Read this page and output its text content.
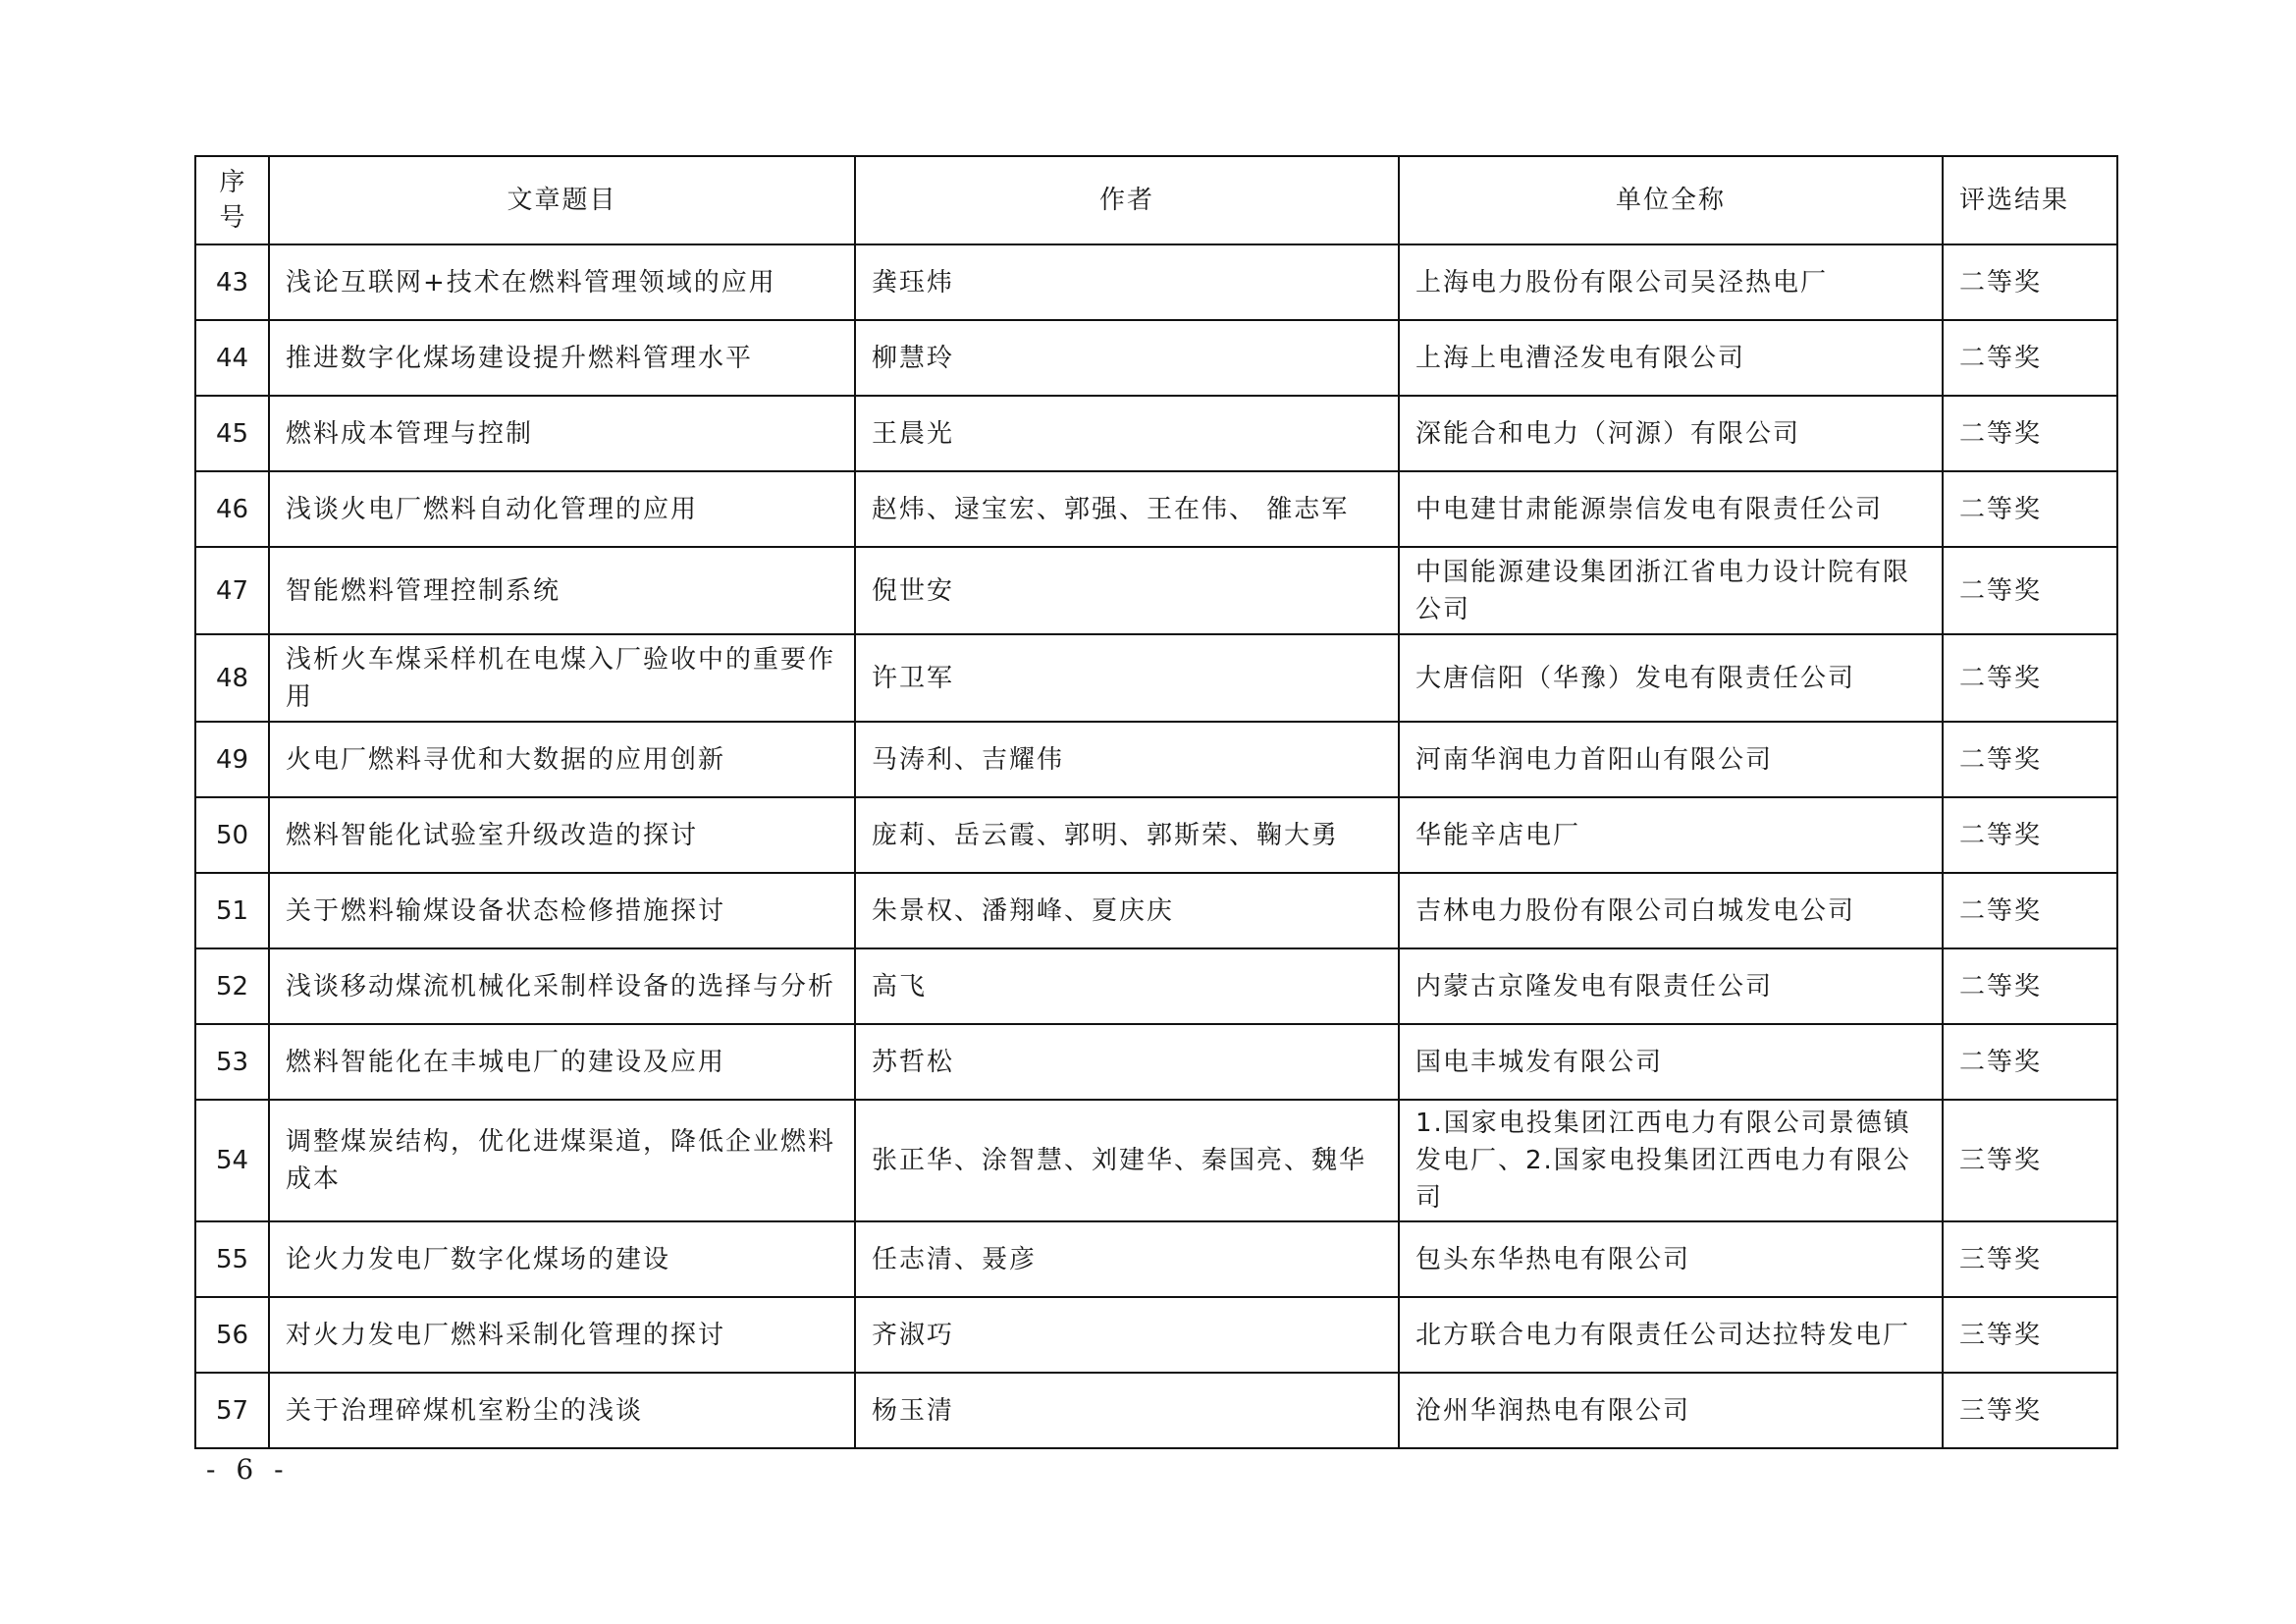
序号	文章题目	作者	单位全称	评选结果
43	浅论互联网+技术在燃料管理领域的应用	龚珏炜	上海电力股份有限公司吴泾热电厂	二等奖
44	推进数字化煤场建设提升燃料管理水平	柳慧玲	上海上电漕泾发电有限公司	二等奖
45	燃料成本管理与控制	王晨光	深能合和电力（河源）有限公司	二等奖
46	浅谈火电厂燃料自动化管理的应用	赵炜、逯宝宏、郭强、王在伟、 雒志军	中电建甘肃能源崇信发电有限责任公司	二等奖
47	智能燃料管理控制系统	倪世安	中国能源建设集团浙江省电力设计院有限公司	二等奖
48	浅析火车煤采样机在电煤入厂验收中的重要作用	许卫军	大唐信阳（华豫）发电有限责任公司	二等奖
49	火电厂燃料寻优和大数据的应用创新	马涛利、吉耀伟	河南华润电力首阳山有限公司	二等奖
50	燃料智能化试验室升级改造的探讨	庞莉、岳云霞、郭明、郭斯荣、鞠大勇	华能辛店电厂	二等奖
51	关于燃料输煤设备状态检修措施探讨	朱景权、潘翔峰、夏庆庆	吉林电力股份有限公司白城发电公司	二等奖
52	浅谈移动煤流机械化采制样设备的选择与分析	高飞	内蒙古京隆发电有限责任公司	二等奖
53	燃料智能化在丰城电厂的建设及应用	苏哲松	国电丰城发有限公司	二等奖
54	调整煤炭结构，优化进煤渠道，降低企业燃料成本	张正华、涂智慧、刘建华、秦国亮、魏华	1.国家电投集团江西电力有限公司景德镇发电厂、2.国家电投集团江西电力有限公司	三等奖
55	论火力发电厂数字化煤场的建设	任志清、聂彦	包头东华热电有限公司	三等奖
56	对火力发电厂燃料采制化管理的探讨	齐淑巧	北方联合电力有限责任公司达拉特发电厂	三等奖
57	关于治理碎煤机室粉尘的浅谈	杨玉清	沧州华润热电有限公司	三等奖
- 6 -
